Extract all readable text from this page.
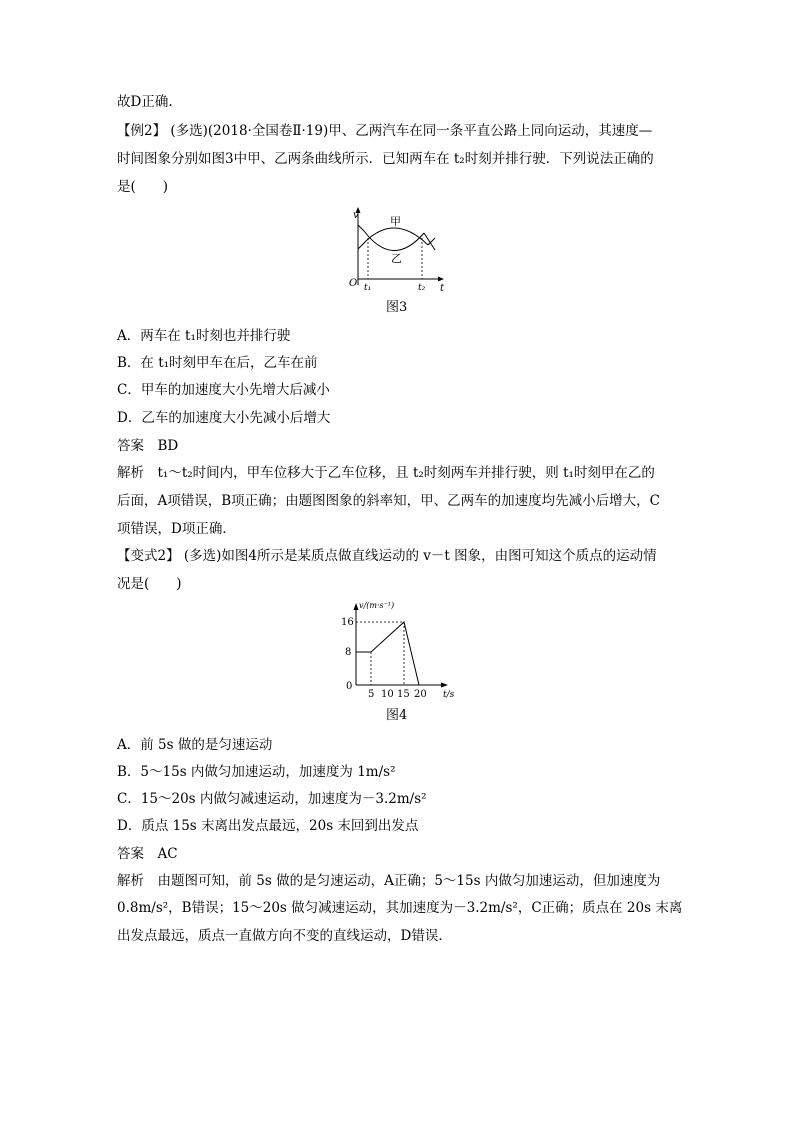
故D正确.
【例2】 (多选)(2018·全国卷Ⅱ·19)甲、乙两汽车在同一条平直公路上同向运动，其速度—
时间图象分别如图3中甲、乙两条曲线所示．已知两车在 t₂时刻并排行驶．下列说法正确的
是(　　)
v
t
O t₁	t₂
甲
乙
图3
A．两车在 t₁时刻也并排行驶
B．在 t₁时刻甲车在后，乙车在前
C．甲车的加速度大小先增大后减小
D．乙车的加速度大小先减小后增大
答案　BD
解析　t₁～t₂时间内，甲车位移大于乙车位移，且 t₂时刻两车并排行驶，则 t₁时刻甲在乙的
后面，A项错误，B项正确；由题图图象的斜率知，甲、乙两车的加速度均先减小后增大，C
项错误，D项正确．
【变式2】 (多选)如图4所示是某质点做直线运动的 v－t 图象，由图可知这个质点的运动情
况是(　　)
v/(m·s⁻¹)
t/s
16
8
0
5 10 15 20
图4
A．前 5s 做的是匀速运动
B．5～15s 内做匀加速运动，加速度为 1m/s²
C．15～20s 内做匀减速运动，加速度为－3.2m/s²
D．质点 15s 末离出发点最远，20s 末回到出发点
答案　AC
解析　由题图可知，前 5s 做的是匀速运动，A正确；5～15s 内做匀加速运动，但加速度为
0.8m/s²，B错误；15～20s 做匀减速运动，其加速度为－3.2m/s²，C正确；质点在 20s 末离
出发点最远，质点一直做方向不变的直线运动，D错误．
